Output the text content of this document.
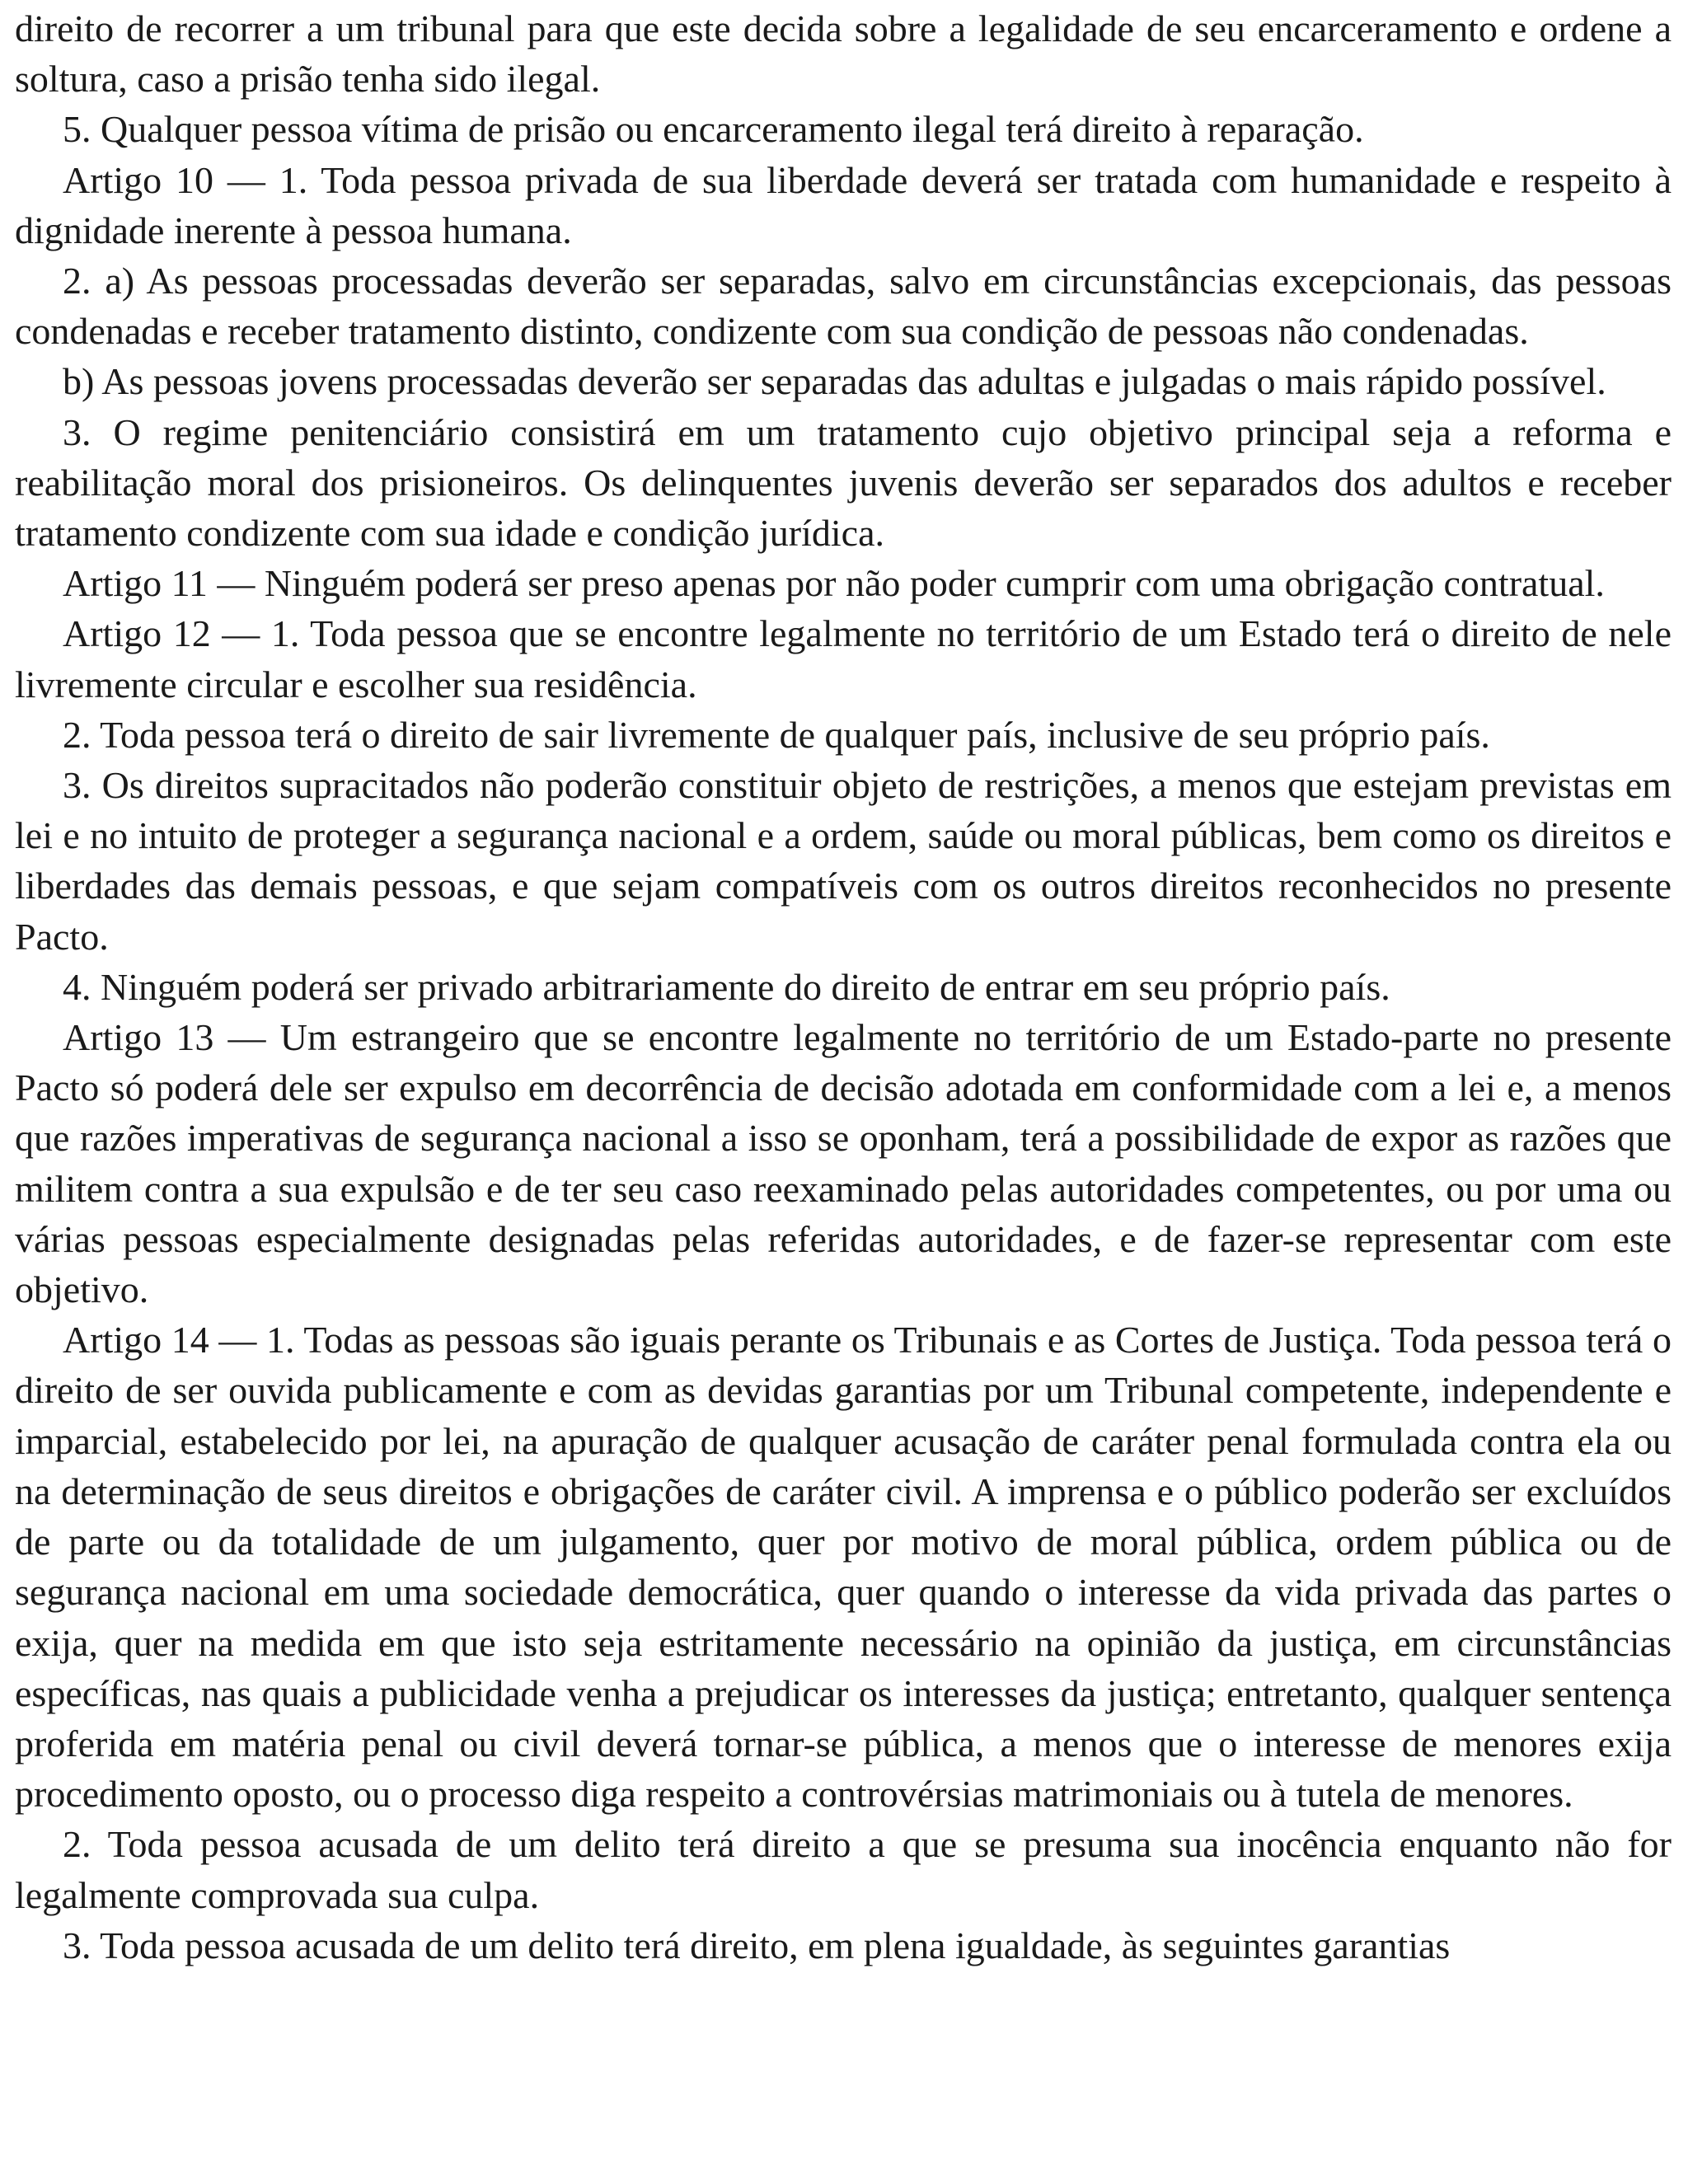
direito de recorrer a um tribunal para que este decida sobre a legalidade de seu encarceramento e ordene a soltura, caso a prisão tenha sido ilegal.

5. Qualquer pessoa vítima de prisão ou encarceramento ilegal terá direito à reparação.

Artigo 10 — 1. Toda pessoa privada de sua liberdade deverá ser tratada com humanidade e respeito à dignidade inerente à pessoa humana.

2. a) As pessoas processadas deverão ser separadas, salvo em circunstâncias excepcionais, das pessoas condenadas e receber tratamento distinto, condizente com sua condição de pessoas não condenadas.

b) As pessoas jovens processadas deverão ser separadas das adultas e julgadas o mais rápido possível.

3. O regime penitenciário consistirá em um tratamento cujo objetivo principal seja a reforma e reabilitação moral dos prisioneiros. Os delinquentes juvenis deverão ser separados dos adultos e receber tratamento condizente com sua idade e condição jurídica.

Artigo 11 — Ninguém poderá ser preso apenas por não poder cumprir com uma obrigação contratual.

Artigo 12 — 1. Toda pessoa que se encontre legalmente no território de um Estado terá o direito de nele livremente circular e escolher sua residência.

2. Toda pessoa terá o direito de sair livremente de qualquer país, inclusive de seu próprio país.

3. Os direitos supracitados não poderão constituir objeto de restrições, a menos que estejam previstas em lei e no intuito de proteger a segurança nacional e a ordem, saúde ou moral públicas, bem como os direitos e liberdades das demais pessoas, e que sejam compatíveis com os outros direitos reconhecidos no presente Pacto.

4. Ninguém poderá ser privado arbitrariamente do direito de entrar em seu próprio país.

Artigo 13 — Um estrangeiro que se encontre legalmente no território de um Estado-parte no presente Pacto só poderá dele ser expulso em decorrência de decisão adotada em conformidade com a lei e, a menos que razões imperativas de segurança nacional a isso se oponham, terá a possibilidade de expor as razões que militem contra a sua expulsão e de ter seu caso reexaminado pelas autoridades competentes, ou por uma ou várias pessoas especialmente designadas pelas referidas autoridades, e de fazer-se representar com este objetivo.

Artigo 14 — 1. Todas as pessoas são iguais perante os Tribunais e as Cortes de Justiça. Toda pessoa terá o direito de ser ouvida publicamente e com as devidas garantias por um Tribunal competente, independente e imparcial, estabelecido por lei, na apuração de qualquer acusação de caráter penal formulada contra ela ou na determinação de seus direitos e obrigações de caráter civil. A imprensa e o público poderão ser excluídos de parte ou da totalidade de um julgamento, quer por motivo de moral pública, ordem pública ou de segurança nacional em uma sociedade democrática, quer quando o interesse da vida privada das partes o exija, quer na medida em que isto seja estritamente necessário na opinião da justiça, em circunstâncias específicas, nas quais a publicidade venha a prejudicar os interesses da justiça; entretanto, qualquer sentença proferida em matéria penal ou civil deverá tornar-se pública, a menos que o interesse de menores exija procedimento oposto, ou o processo diga respeito a controvérsias matrimoniais ou à tutela de menores.

2. Toda pessoa acusada de um delito terá direito a que se presuma sua inocência enquanto não for legalmente comprovada sua culpa.

3. Toda pessoa acusada de um delito terá direito, em plena igualdade, às seguintes garantias
